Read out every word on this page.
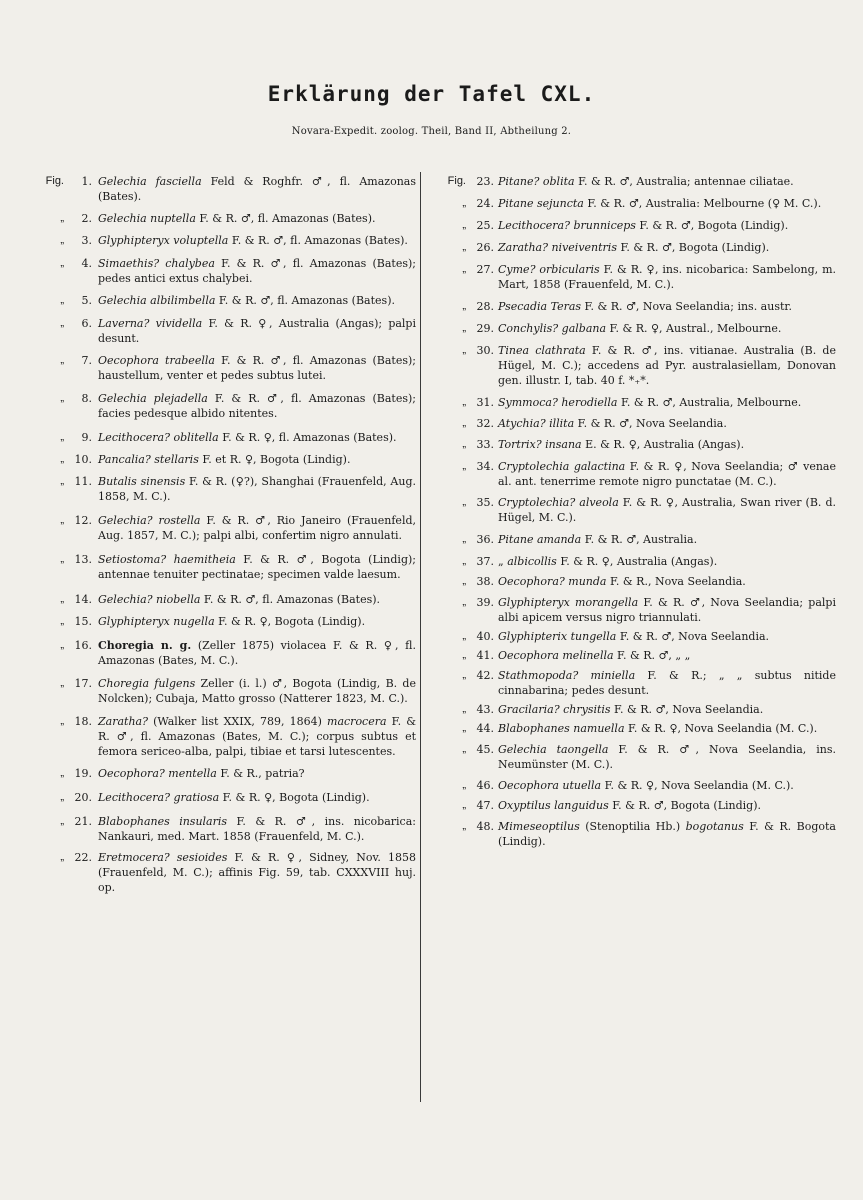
Erklärung der Tafel CXL.
Novara-Expedit. zoolog. Theil, Band II, Abtheilung 2.
Fig.	1. Gelechia fasciella Feld & Roghfr. ♂, fl. Amazonas (Bates).
„	2. Gelechia nuptella F. & R. ♂, fl. Amazonas (Bates).
„	3. Glyphipteryx voluptella F. & R. ♂, fl. Amazonas (Bates).
„	4. Simaethis? chalybea F. & R. ♂, fl. Amazonas (Bates); pedes antici extus chalybei.
„	5. Gelechia albilimbella F. & R. ♂, fl. Amazonas (Bates).
„	6. Laverna? vividella F. & R. ♀, Australia (Angas); palpi desunt.
„	7. Oecophora trabeella F. & R. ♂, fl. Amazonas (Bates); haustellum, venter et pedes subtus lutei.
„	8. Gelechia plejadella F. & R. ♂, fl. Amazonas (Bates); facies pedesque albido nitentes.
„	9. Lecithocera? oblitella F. & R. ♀, fl. Amazonas (Bates).
„ 10. Pancalia? stellaris F. et R. ♀, Bogota (Lindig).
„ 11. Butalis sinensis F. & R. (♀?), Shanghai (Frauenfeld, Aug. 1858, M. C.).
„ 12. Gelechia? rostella F. & R. ♂, Rio Janeiro (Frauenfeld, Aug. 1857, M. C.); palpi albi, confertim nigro annulati.
„ 13. Setiostoma? haemitheia F. & R. ♂, Bogota (Lindig); antennae tenuiter pectinatae; specimen valde laesum.
„ 14. Gelechia? niobella F. & R. ♂, fl. Amazonas (Bates).
„ 15. Glyphipteryx nugella F. & R. ♀, Bogota (Lindig).
„ 16. Choregia n. g. (Zeller 1875) violacea F. & R. ♀, fl. Amazonas (Bates, M. C.).
„ 17. Choregia fulgens Zeller (i. l.) ♂, Bogota (Lindig, B. de Nolcken); Cubaja, Matto grosso (Natterer 1823, M. C.).
„ 18. Zaratha? (Walker list XXIX, 789, 1864) macrocera F. & R. ♂, fl. Amazonas (Bates, M. C.); corpus subtus et femora sericeo-alba, palpi, tibiae et tarsi lutescentes.
„ 19. Oecophora? mentella F. & R., patria?
„ 20. Lecithocera? gratiosa F. & R. ♀, Bogota (Lindig).
„ 21. Blabophanes insularis F. & R. ♂, ins. nicobarica: Nankauri, med. Mart. 1858 (Frauenfeld, M. C.).
„ 22. Eretmocera? sesioides F. & R. ♀, Sidney, Nov. 1858 (Frauenfeld, M. C.); affinis Fig. 59, tab. CXXXVIII huj. op.
Fig. 23. Pitane? oblita F. & R. ♂, Australia; antennae ciliatae.
„ 24. Pitane sejuncta F. & R. ♂, Australia: Melbourne (♀ M. C.).
„ 25. Lecithocera? brunniceps F. & R. ♂, Bogota (Lindig).
„ 26. Zaratha? niveiventris F. & R. ♂, Bogota (Lindig).
„ 27. Cyme? orbicularis F. & R. ♀, ins. nicobarica: Sambelong, m. Mart, 1858 (Frauenfeld, M. C.).
„ 28. Psecadia Teras F. & R. ♂, Nova Seelandia; ins. austr.
„ 29. Conchylis? galbana F. & R. ♀, Austral., Melbourne.
„ 30. Tinea clathrata F. & R. ♂, ins. vitianae. Australia (B. de Hügel, M. C.); accedens ad Pyr. australasiellam, Donovan gen. illustr. I, tab. 40 f. *₊*.
„ 31. Symmoca? herodiella F. & R. ♂, Australia, Melbourne.
„ 32. Atychia? illita F. & R. ♂, Nova Seelandia.
„ 33. Tortrix? insana E. & R. ♀, Australia (Angas).
„ 34. Cryptolechia galactina F. & R. ♀, Nova Seelandia; ♂ venae al. ant. tenerrime remote nigro punctatae (M. C.).
„ 35. Cryptolechia? alveola F. & R. ♀, Australia, Swan river (B. d. Hügel, M. C.).
„ 36. Pitane amanda F. & R. ♂, Australia.
„ 37. „ albicollis F. & R. ♀, Australia (Angas).
„ 38. Oecophora? munda F. & R., Nova Seelandia.
„ 39. Glyphipteryx morangella F. & R. ♂, Nova Seelandia; palpi albi apicem versus nigro triannulati.
„ 40. Glyphipterix tungella F. & R. ♂, Nova Seelandia.
„ 41. Oecophora melinella F. & R. ♂, „ „
„ 42. Stathmopoda? miniella F. & R.; „ „ subtus nitide cinnabarina; pedes desunt.
„ 43. Gracilaria? chrysitis F. & R. ♂, Nova Seelandia.
„ 44. Blabophanes namuella F. & R. ♀, Nova Seelandia (M. C.).
„ 45. Gelechia taongella F. & R. ♂, Nova Seelandia, ins. Neumünster (M. C.).
„ 46. Oecophora utuella F. & R. ♀, Nova Seelandia (M. C.).
„ 47. Oxyptilus languidus F. & R. ♂, Bogota (Lindig).
„ 48. Mimeseoptilus (Stenoptilia Hb.) bogotanus F. & R. Bogota (Lindig).
